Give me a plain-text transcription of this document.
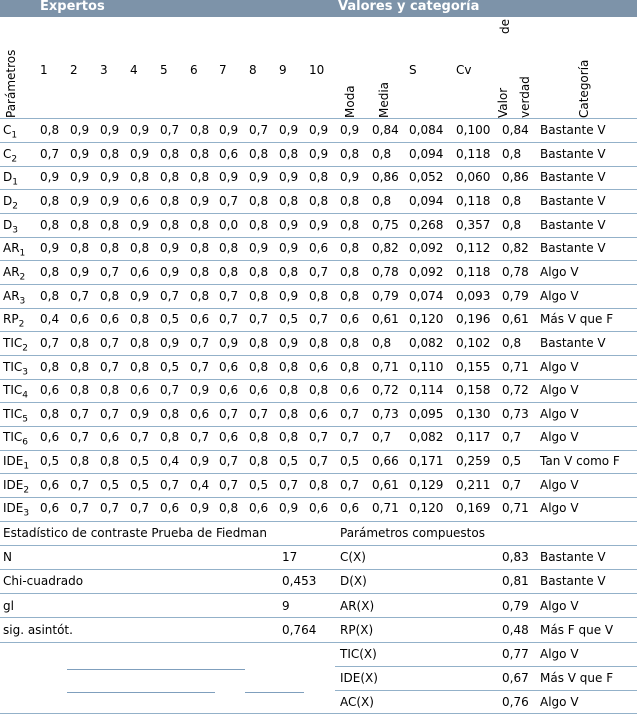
Expertos	Valores y categoría
Parámetros 1 2 3 4 5 6 7 8 9 10
Moda Media
S	Cv
Valor verdad
de
Categoría
$C_1$ 0,8 0,9 0,9 0,9 0,7 0,8 0,9 0,7 0,9 0,9 0,9 0,84 0,084 0,100 0,84 Bastante V
$C_2$ 0,7 0,9 0,8 0,9 0,8 0,8 0,6 0,8 0,8 0,9 0,8 0,8 0,094 0,118 0,8 Bastante V
$D_1$ 0,9 0,9 0,9 0,8 0,8 0,8 0,9 0,9 0,9 0,8 0,9 0,86 0,052 0,060 0,86 Bastante V
$D_2$ 0,8 0,9 0,9 0,6 0,8 0,9 0,7 0,8 0,8 0,8 0,8 0,8 0,094 0,118 0,8 Bastante V
$D_3$ 0,8 0,8 0,8 0,9 0,8 0,8 0,0 0,8 0,9 0,9 0,8 0,75 0,268 0,357 0,8 Bastante V
$AR_1$ 0,9 0,8 0,8 0,8 0,9 0,8 0,8 0,9 0,9 0,6 0,8 0,82 0,092 0,112 0,82 Bastante V
$AR_2$ 0,8 0,9 0,7 0,6 0,9 0,8 0,8 0,8 0,8 0,7 0,8 0,78 0,092 0,118 0,78 Algo V
$AR_3$ 0,8 0,7 0,8 0,9 0,7 0,8 0,7 0,8 0,9 0,8 0,8 0,79 0,074 0,093 0,79 Algo V
$RP_2$ 0,4 0,6 0,6 0,8 0,5 0,6 0,7 0,7 0,5 0,7 0,6 0,61 0,120 0,196 0,61 Más V que F
$TIC_2$ 0,7 0,8 0,7 0,8 0,9 0,7 0,9 0,8 0,9 0,8 0,8 0,8 0,082 0,102 0,8 Bastante V
$TIC_3$ 0,8 0,8 0,7 0,8 0,5 0,7 0,6 0,8 0,8 0,6 0,8 0,71 0,110 0,155 0,71 Algo V
$TIC_4$ 0,6 0,8 0,8 0,6 0,7 0,9 0,6 0,6 0,8 0,8 0,6 0,72 0,114 0,158 0,72 Algo V
$TIC_5$ 0,8 0,7 0,7 0,9 0,8 0,6 0,7 0,7 0,8 0,6 0,7 0,73 0,095 0,130 0,73 Algo V
$TIC_6$ 0,6 0,7 0,6 0,7 0,8 0,7 0,6 0,8 0,8 0,7 0,7 0,7 0,082 0,117 0,7 Algo V
$IDE_1$ 0,5 0,8 0,8 0,5 0,4 0,9 0,7 0,8 0,5 0,7 0,5 0,66 0,171 0,259 0,5 Tan V como F
$IDE_2$ 0,6 0,7 0,5 0,5 0,7 0,4 0,7 0,5 0,7 0,8 0,7 0,61 0,129 0,211 0,7 Algo V
$IDE_3$ 0,6 0,7 0,7 0,7 0,6 0,9 0,8 0,6 0,9 0,6 0,6 0,71 0,120 0,169 0,71 Algo V
Estadístico de contraste Prueba de Fiedman	Parámetros compuestos
C(X)	0,83 Bastante V
D(X)	0,81 Bastante V
AR(X)	0,79 Algo V
RP(X)	0,48 Más F que V
TIC(X)	0,77 Algo V
IDE(X)	0,67 Más V que F
AC(X)	0,76 Algo V
N	17
Chi-cuadrado	0,453
gl	9
sig. asintót.	0,764
